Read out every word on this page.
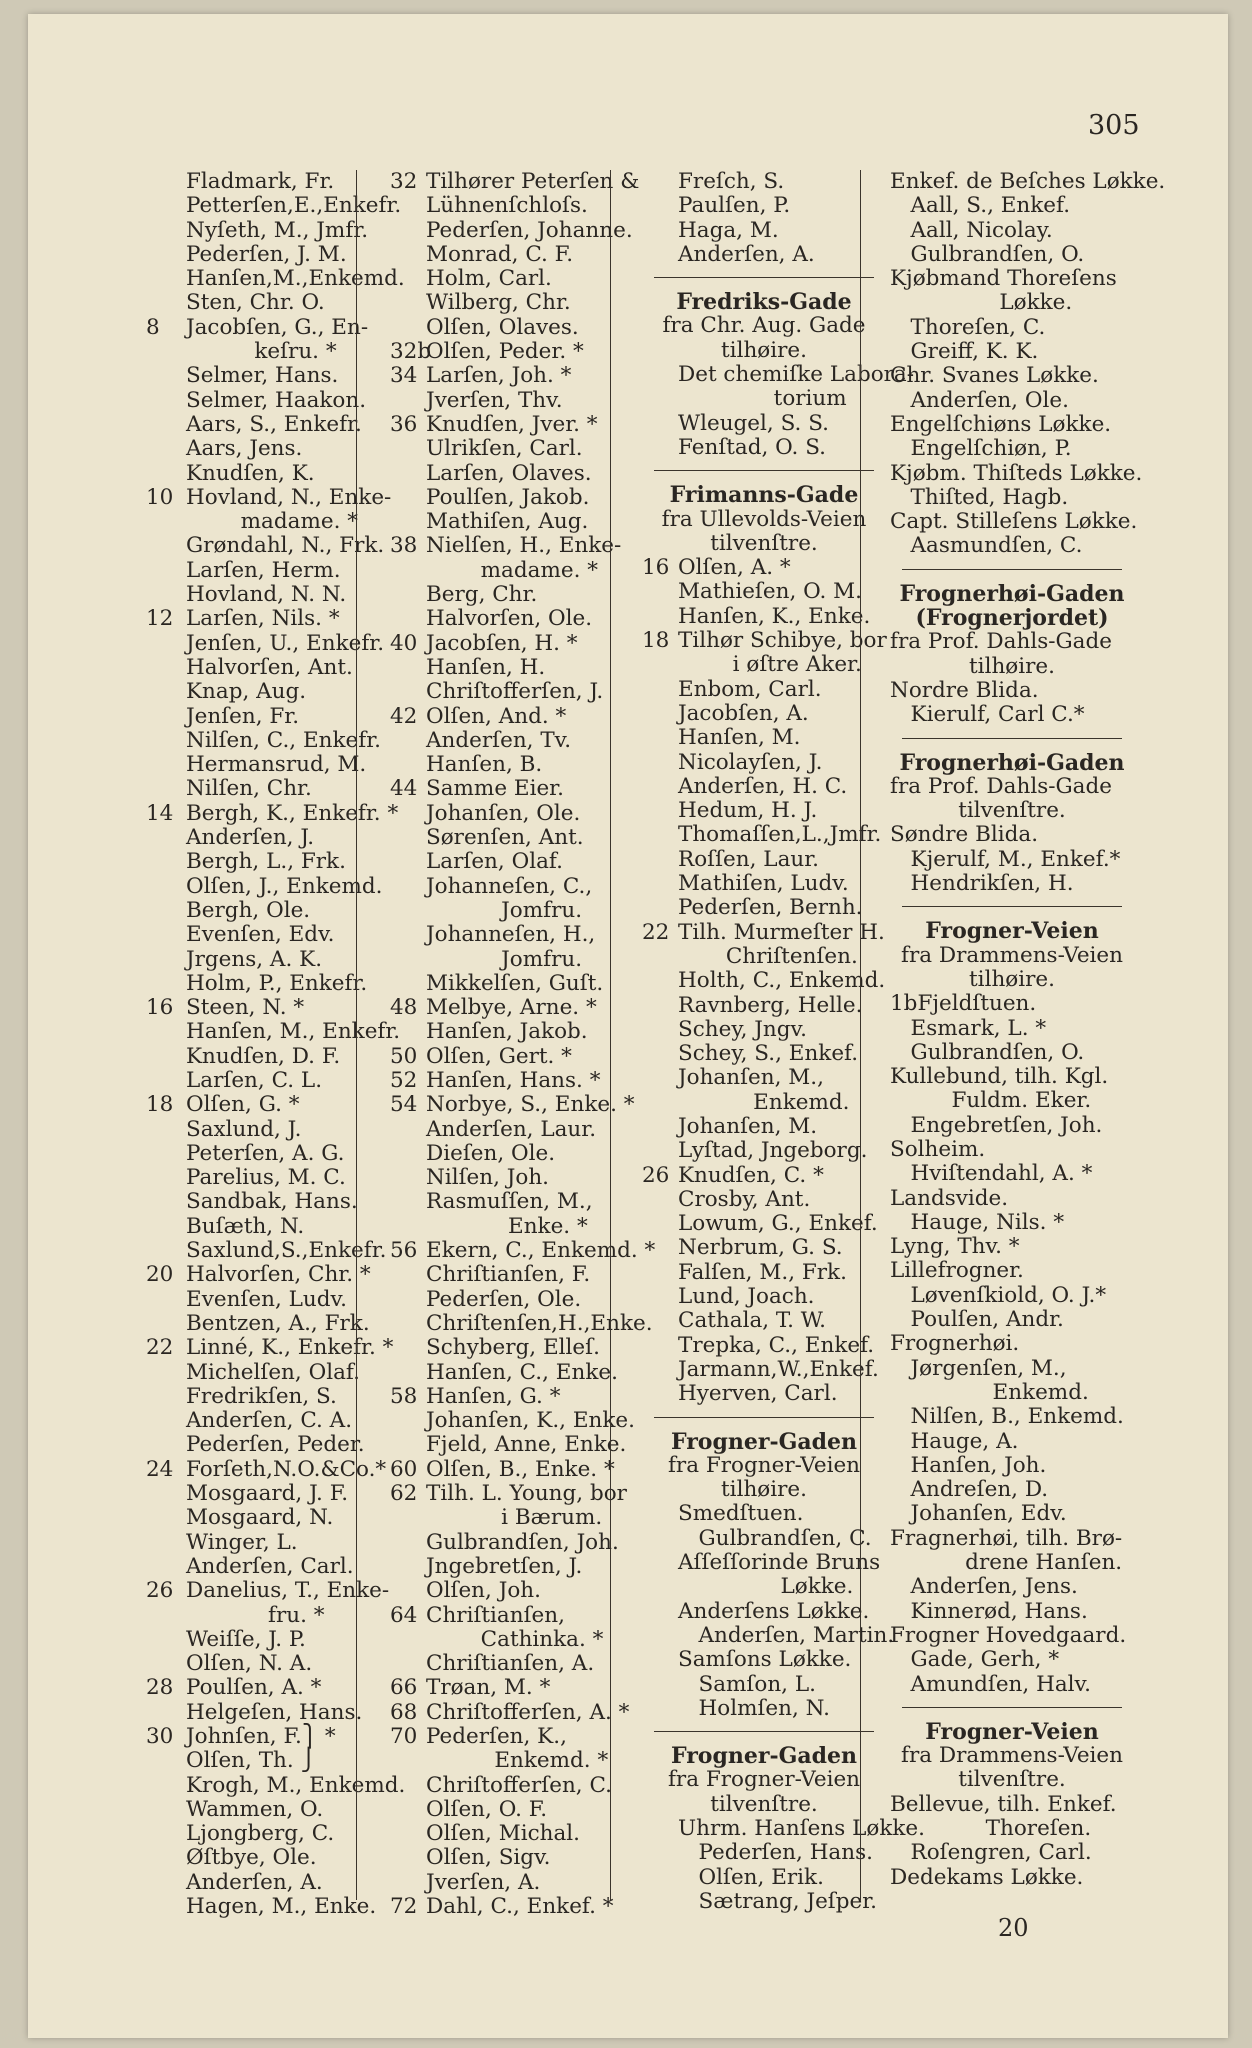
305
Fladmark, Fr.
Petterſen,E.,Enkefr.
Nyſeth, M., Jmfr.
Pederſen, J. M.
Hanſen,M.,Enkemd.
Sten, Chr. O.
8	Jacobſen, G., En-
keſru. *
Selmer, Hans.
Selmer, Haakon.
Aars, S., Enkefr.
Aars, Jens.
Knudſen, K.
10 Hovland, N., Enke-
madame. *
Grøndahl, N., Frk.
Larſen, Herm.
Hovland, N. N.
12 Larſen, Nils. *
Jenſen, U., Enkefr.
Halvorſen, Ant.
Knap, Aug.
Jenſen, Fr.
Nilſen, C., Enkefr.
Hermansrud, M.
Nilſen, Chr.
14 Bergh, K., Enkefr. *
Anderſen, J.
Bergh, L., Frk.
Olſen, J., Enkemd.
Bergh, Ole.
Evenſen, Edv.
Jrgens, A. K.
Holm, P., Enkefr.
16 Steen, N. *
Hanſen, M., Enkefr.
Knudſen, D. F.
Larſen, C. L.
18 Olſen, G. *
Saxlund, J.
Peterſen, A. G.
Parelius, M. C.
Sandbak, Hans.
Buſæth, N.
Saxlund,S.,Enkefr.
20 Halvorſen, Chr. *
Evenſen, Ludv.
Bentzen, A., Frk.
22 Linné, K., Enkefr. *
Michelſen, Olaf.
Fredrikſen, S.
Anderſen, C. A.
Pederſen, Peder.
24 Forſeth,N.O.&Co.*
Mosgaard, J. F.
Mosgaard, N.
Winger, L.
Anderſen, Carl.
26 Danelius, T., Enke-
fru. *
Weiſſe, J. P.
Olſen, N. A.
28 Poulſen, A. *
Helgeſen, Hans.
30 Johnſen, F.⎫ *
Olſen, Th. ⎭
Krogh, M., Enkemd.
Wammen, O.
Ljongberg, C.
Øſtbye, Ole.
Anderſen, A.
Hagen, M., Enke.
32 Tilhører Peterſen &
Lühnenſchloſs.
Pederſen, Johanne.
Monrad, C. F.
Holm, Carl.
Wilberg, Chr.
Olſen, Olaves.
32b
Olſen, Peder. *
34 Larſen, Joh. *
Jverſen, Thv.
36 Knudſen, Jver. *
Ulrikſen, Carl.
Larſen, Olaves.
Poulſen, Jakob.
Mathiſen, Aug.
38 Nielſen, H., Enke-
madame. *
Berg, Chr.
Halvorſen, Ole.
40 Jacobſen, H. *
Hanſen, H.
Chriſtofferſen, J.
42 Olſen, And. *
Anderſen, Tv.
Hanſen, B.
44 Samme Eier.
Johanſen, Ole.
Sørenſen, Ant.
Larſen, Olaf.
Johanneſen, C.,
Jomfru.
Johanneſen, H.,
Jomfru.
Mikkelſen, Guſt.
48 Melbye, Arne. *
Hanſen, Jakob.
50 Olſen, Gert. *
52 Hanſen, Hans. *
54 Norbye, S., Enke. *
Anderſen, Laur.
Dieſen, Ole.
Nilſen, Joh.
Rasmuſſen, M.,
Enke. *
56 Ekern, C., Enkemd. *
Chriſtianſen, F.
Pederſen, Ole.
Chriſtenſen,H.,Enke.
Schyberg, Elleſ.
Hanſen, C., Enke.
58 Hanſen, G. *
Johanſen, K., Enke.
Fjeld, Anne, Enke.
60 Olſen, B., Enke. *
62 Tilh. L. Young, bor
i Bærum.
Gulbrandſen, Joh.
Jngebretſen, J.
Olſen, Joh.
64 Chriſtianſen,
Cathinka. *
Chriſtianſen, A.
66 Trøan, M. *
68 Chriſtofferſen, A. *
70 Pederſen, K.,
Enkemd. *
Chriſtofferſen, C.
Olſen, O. F.
Olſen, Michal.
Olſen, Sigv.
Jverſen, A.
72 Dahl, C., Enkef. *
Freſch, S.
Paulſen, P.
Haga, M.
Anderſen, A.
Fredriks-Gade
fra Chr. Aug. Gade
tilhøire.
Det chemiſke Labora-
torium
Wleugel, S. S.
Fenſtad, O. S.
Frimanns-Gade
fra Ullevolds-Veien
tilvenſtre.
16 Olſen, A. *
Mathieſen, O. M.
Hanſen, K., Enke.
18 Tilhør Schibye, bor
i øſtre Aker.
Enbom, Carl.
Jacobſen, A.
Hanſen, M.
Nicolayſen, J.
Anderſen, H. C.
Hedum, H. J.
Thomaſſen,L.,Jmfr.
Roſſen, Laur.
Mathiſen, Ludv.
Pederſen, Bernh.
22 Tilh. Murmeſter H.
Chriſtenſen.
Holth, C., Enkemd.
Ravnberg, Helle.
Schey, Jngv.
Schey, S., Enkef.
Johanſen, M.,
Enkemd.
Johanſen, M.
Lyſtad, Jngeborg.
26 Knudſen, C. *
Crosby, Ant.
Lowum, G., Enkef.
Nerbrum, G. S.
Falſen, M., Frk.
Lund, Joach.
Cathala, T. W.
Trepka, C., Enkef.
Jarmann,W.,Enkef.
Hyerven, Carl.
Frogner-Gaden
fra Frogner-Veien
tilhøire.
Smedſtuen.
Gulbrandſen, C.
Aſſeſſorinde Bruns
Løkke.
Anderſens Løkke.
Anderſen, Martin.
Samſons Løkke.
Samſon, L.
Holmſen, N.
Frogner-Gaden
fra Frogner-Veien
tilvenſtre.
Uhrm. Hanſens Løkke.
Pederſen, Hans.
Olſen, Erik.
Sætrang, Jeſper.
Enkef. de Beſches Løkke.
Aall, S., Enkef.
Aall, Nicolay.
Gulbrandſen, O.
Kjøbmand Thoreſens
Løkke.
Thoreſen, C.
Greiff, K. K.
Chr. Svanes Løkke.
Anderſen, Ole.
Engelſchiøns Løkke.
Engelſchiøn, P.
Kjøbm. Thiſteds Løkke.
Thiſted, Hagb.
Capt. Stilleſens Løkke.
Aasmundſen, C.
Frognerhøi-Gaden
(Frognerjordet)
fra Prof. Dahls-Gade
tilhøire.
Nordre Blida.
Kierulf, Carl C.*
Frognerhøi-Gaden
fra Prof. Dahls-Gade
tilvenſtre.
Søndre Blida.
Kjerulf, M., Enkef.*
Hendrikſen, H.
Frogner-Veien
fra Drammens-Veien
tilhøire.
1bFjeldſtuen.
Esmark, L. *
Gulbrandſen, O.
Kullebund, tilh. Kgl.
Fuldm. Eker.
Engebretſen, Joh.
Solheim.
Hviſtendahl, A. *
Landsvide.
Hauge, Nils. *
Lyng, Thv. *
Lillefrogner.
Løvenſkiold, O. J.*
Poulſen, Andr.
Frognerhøi.
Jørgenſen, M.,
Enkemd.
Nilſen, B., Enkemd.
Hauge, A.
Hanſen, Joh.
Andreſen, D.
Johanſen, Edv.
Fragnerhøi, tilh. Brø-
drene Hanſen.
Anderſen, Jens.
Kinnerød, Hans.
Frogner Hovedgaard.
Gade, Gerh, *
Amundſen, Halv.
Frogner-Veien
fra Drammens-Veien
tilvenſtre.
Bellevue, tilh. Enkef.
Thoreſen.
Roſengren, Carl.
Dedekams Løkke.
20
